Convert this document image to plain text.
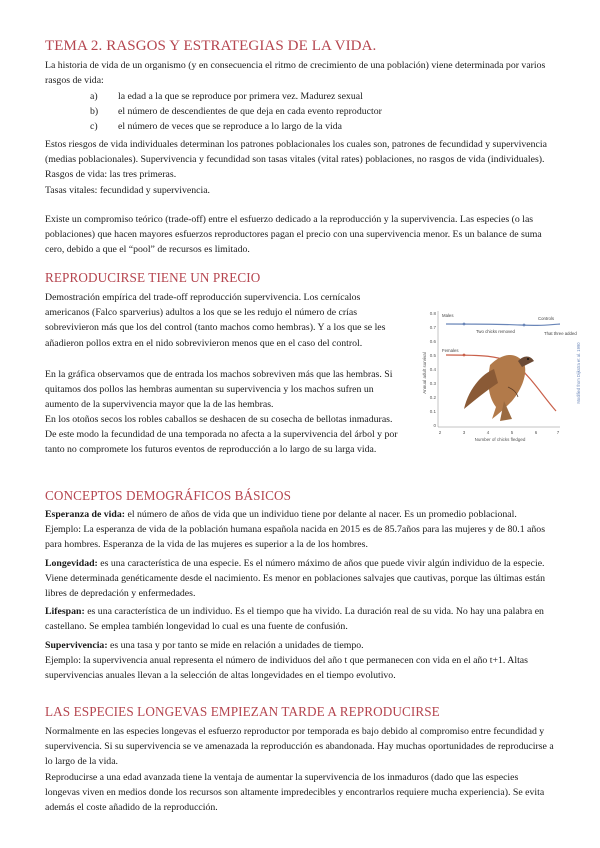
TEMA 2. RASGOS Y ESTRATEGIAS DE LA VIDA.

La historia de vida de un organismo (y en consecuencia el ritmo de crecimiento de una población) viene determinada por varios rasgos de vida:

a) la edad a la que se reproduce por primera vez. Madurez sexual
b) el número de descendientes de que deja en cada evento reproductor
c) el número de veces que se reproduce a lo largo de la vida

Estos riesgos de vida individuales determinan los patrones poblacionales los cuales son, patrones de fecundidad y supervivencia (medias poblacionales). Supervivencia y fecundidad son tasas vitales (vital rates) poblaciones, no rasgos de vida (individuales).

Rasgos de vida: las tres primeras.

Tasas vitales: fecundidad y supervivencia.

Existe un compromiso teórico (trade-off) entre el esfuerzo dedicado a la reproducción y la supervivencia. Las especies (o las poblaciones) que hacen mayores esfuerzos reproductores pagan el precio con una supervivencia menor. Es un balance de suma cero, debido a que el “pool” de recursos es limitado.

REPRODUCIRSE TIENE UN PRECIO

Demostración empírica del trade-off reproducción supervivencia. Los cernícalos americanos (Falco sparverius) adultos a los que se les redujo el número de crías sobrevivieron más que los del control (tanto machos como hembras). Y a los que se les añadieron pollos extra en el nido sobrevivieron menos que en el caso del control.

En la gráfica observamos que de entrada los machos sobreviven más que las hembras. Si quitamos dos pollos las hembras aumentan su supervivencia y los machos sufren un aumento de la supervivencia mayor que la de las hembras.

En los otoños secos los robles caballos se deshacen de su cosecha de bellotas inmaduras. De este modo la fecundidad de una temporada no afecta a la supervivencia del árbol y por tanto no compromete los futuros eventos de reproducción a lo largo de su larga vida.

Annual adult survival
0.8
0.7
0.6
0.5
0.4
0.3
0.2
0.1
0
2	3	4	5	6	7
Number of chicks fledged
Males
Females
Two chicks removed
Controls
That three added
Modified from Dijkstra et al. 1990
CONCEPTOS DEMOGRÁFICOS BÁSICOS

Esperanza de vida: el número de años de vida que un individuo tiene por delante al nacer. Es un promedio poblacional.

Ejemplo: La esperanza de vida de la población humana española nacida en 2015 es de 85.7años para las mujeres y de 80.1 años para hombres. Esperanza de la vida de las mujeres es superior a la de los hombres.

Longevidad: es una característica de una especie. Es el número máximo de años que puede vivir algún individuo de la especie. Viene determinada genéticamente desde el nacimiento. Es menor en poblaciones salvajes que cautivas, porque las últimas están libres de depredación y enfermedades.

Lifespan: es una característica de un individuo. Es el tiempo que ha vivido. La duración real de su vida. No hay una palabra en castellano. Se emplea también longevidad lo cual es una fuente de confusión.

Supervivencia: es una tasa y por tanto se mide en relación a unidades de tiempo.

Ejemplo: la supervivencia anual representa el número de individuos del año t que permanecen con vida en el año t+1. Altas supervivencias anuales llevan a la selección de altas longevidades en el tiempo evolutivo.

LAS ESPECIES LONGEVAS EMPIEZAN TARDE A REPRODUCIRSE

Normalmente en las especies longevas el esfuerzo reproductor por temporada es bajo debido al compromiso entre fecundidad y supervivencia. Si su supervivencia se ve amenazada la reproducción es abandonada. Hay muchas oportunidades de reproducirse a lo largo de la vida.

Reproducirse a una edad avanzada tiene la ventaja de aumentar la supervivencia de los inmaduros (dado que las especies longevas viven en medios donde los recursos son altamente impredecibles y encontrarlos requiere mucha experiencia). Se evita además el coste añadido de la reproducción.
